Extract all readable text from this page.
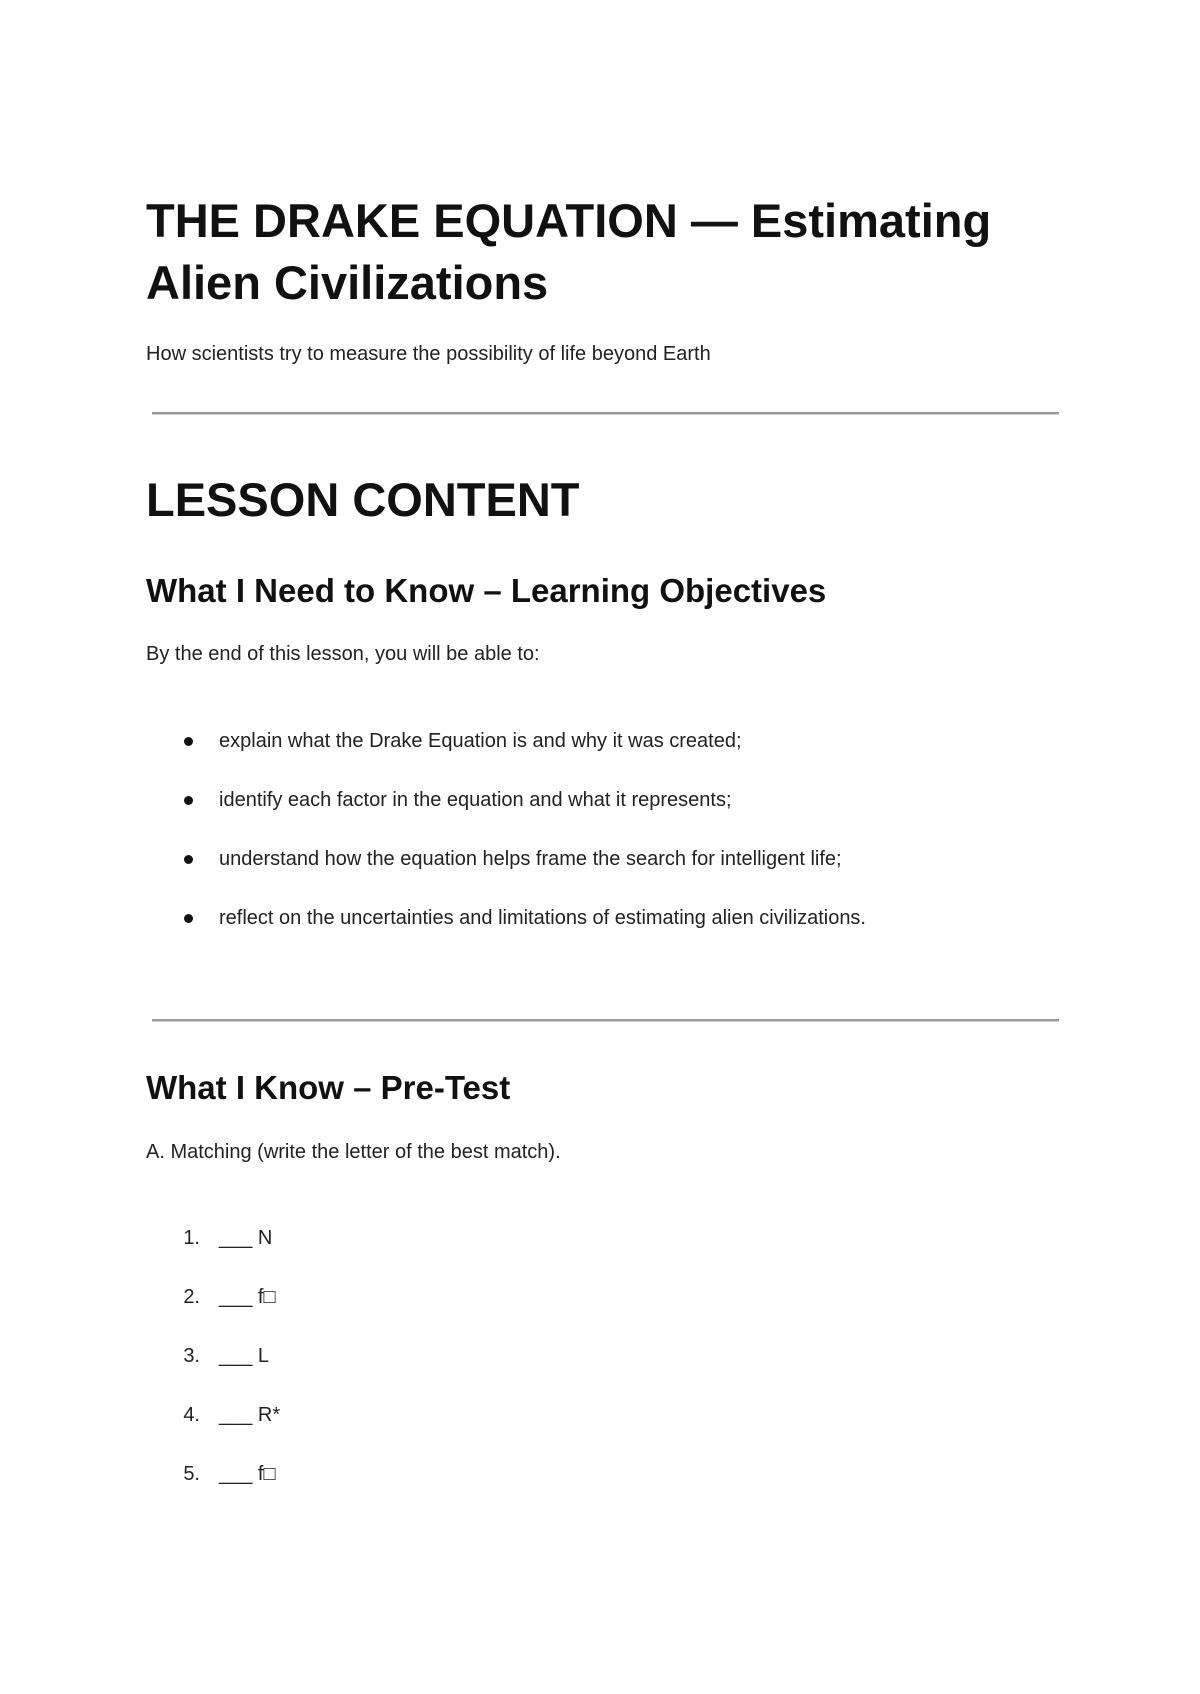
THE DRAKE EQUATION — Estimating Alien Civilizations

How scientists try to measure the possibility of life beyond Earth

LESSON CONTENT
What I Need to Know – Learning Objectives

By the end of this lesson, you will be able to:

explain what the Drake Equation is and why it was created;
identify each factor in the equation and what it represents;
understand how the equation helps frame the search for intelligent life;
reflect on the uncertainties and limitations of estimating alien civilizations.
What I Know – Pre-Test

A. Matching (write the letter of the best match).

1. ___ N
2. ___ f□
3. ___ L
4. ___ R*
5. ___ f□
